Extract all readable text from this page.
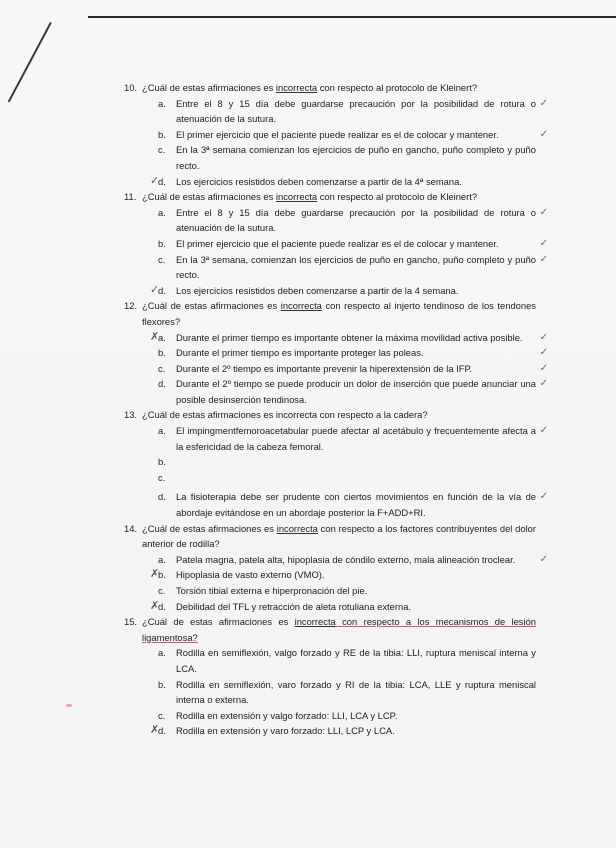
10. ¿Cuál de estas afirmaciones es incorrecta con respecto al protocolo de Kleinert?
a.	Entre el 8 y 15 día debe guardarse precaución por la posibilidad de rotura o atenuación de la sutura.
✓
b.	El primer ejercicio que el paciente puede realizar es el de colocar y mantener.	✓
c.	En la 3ª semana comienzan los ejercicios de puño en gancho, puño completo y puño recto.
✓
d.	Los ejercicios resistidos deben comenzarse a partir de la 4ª semana.
11. ¿Cuál de estas afirmaciones es incorrecta con respecto al protocolo de Kleinert?
a.	Entre el 8 y 15 día debe guardarse precaución por la posibilidad de rotura o atenuación de la sutura.
✓
b.	El primer ejercicio que el paciente puede realizar es el de colocar y mantener.	✓
c.	En la 3ª semana, comienzan los ejercicios de puño en gancho, puño completo y puño recto.
✓
✓
d.	Los ejercicios resistidos deben comenzarse a partir de la 4 semana.
12. ¿Cuál de estas afirmaciones es incorrecta con respecto al injerto tendinoso de los tendones flexores?
✗
a.	Durante el primer tiempo es importante obtener la máxima movilidad activa posible.	✓
b.	Durante el primer tiempo es importante proteger las poleas.	✓
c.	Durante el 2º tiempo es importante prevenir la hiperextensión de la IFP.	✓
d.	Durante el 2º tiempo se puede producir un dolor de inserción que puede anunciar una posible desinserción tendinosa.
✓
13. ¿Cuál de estas afirmaciones es incorrecta con respecto a la cadera?
a.	El impingmentfemoroacetabular puede afectar al acetábulo y frecuentemente afecta a la esfericidad de la cabeza femoral.
✓
b.
c.
d.	La fisioterapia debe ser prudente con ciertos movimientos en función de la vía de abordaje evitándose en un abordaje posterior la F+ADD+RI.
✓
14. ¿Cuál de estas afirmaciones es incorrecta con respecto a los factores contribuyentes del dolor anterior de rodilla?
a.	Patela magna, patela alta, hipoplasia de cóndilo externo, mala alineación troclear.	✓
✗
b.	Hipoplasia de vasto externo (VMO).
c.	Torsión tibial externa e hiperpronación del pie.
✗
d.	Debilidad del TFL y retracción de aleta rotuliana externa.
15. ¿Cuál de estas afirmaciones es incorrecta con respecto a los mecanismos de lesión ligamentosa?
a.	Rodilla en semiflexión, valgo forzado y RE de la tibia: LLI, ruptura meniscal interna y LCA.
b.	Rodilla en semiflexión, varo forzado y RI de la tibia: LCA, LLE y ruptura meniscal interna o externa.
c.	Rodilla en extensión y valgo forzado: LLI, LCA y LCP.
✗
d.	Rodilla en extensión y varo forzado: LLI, LCP y LCA.
